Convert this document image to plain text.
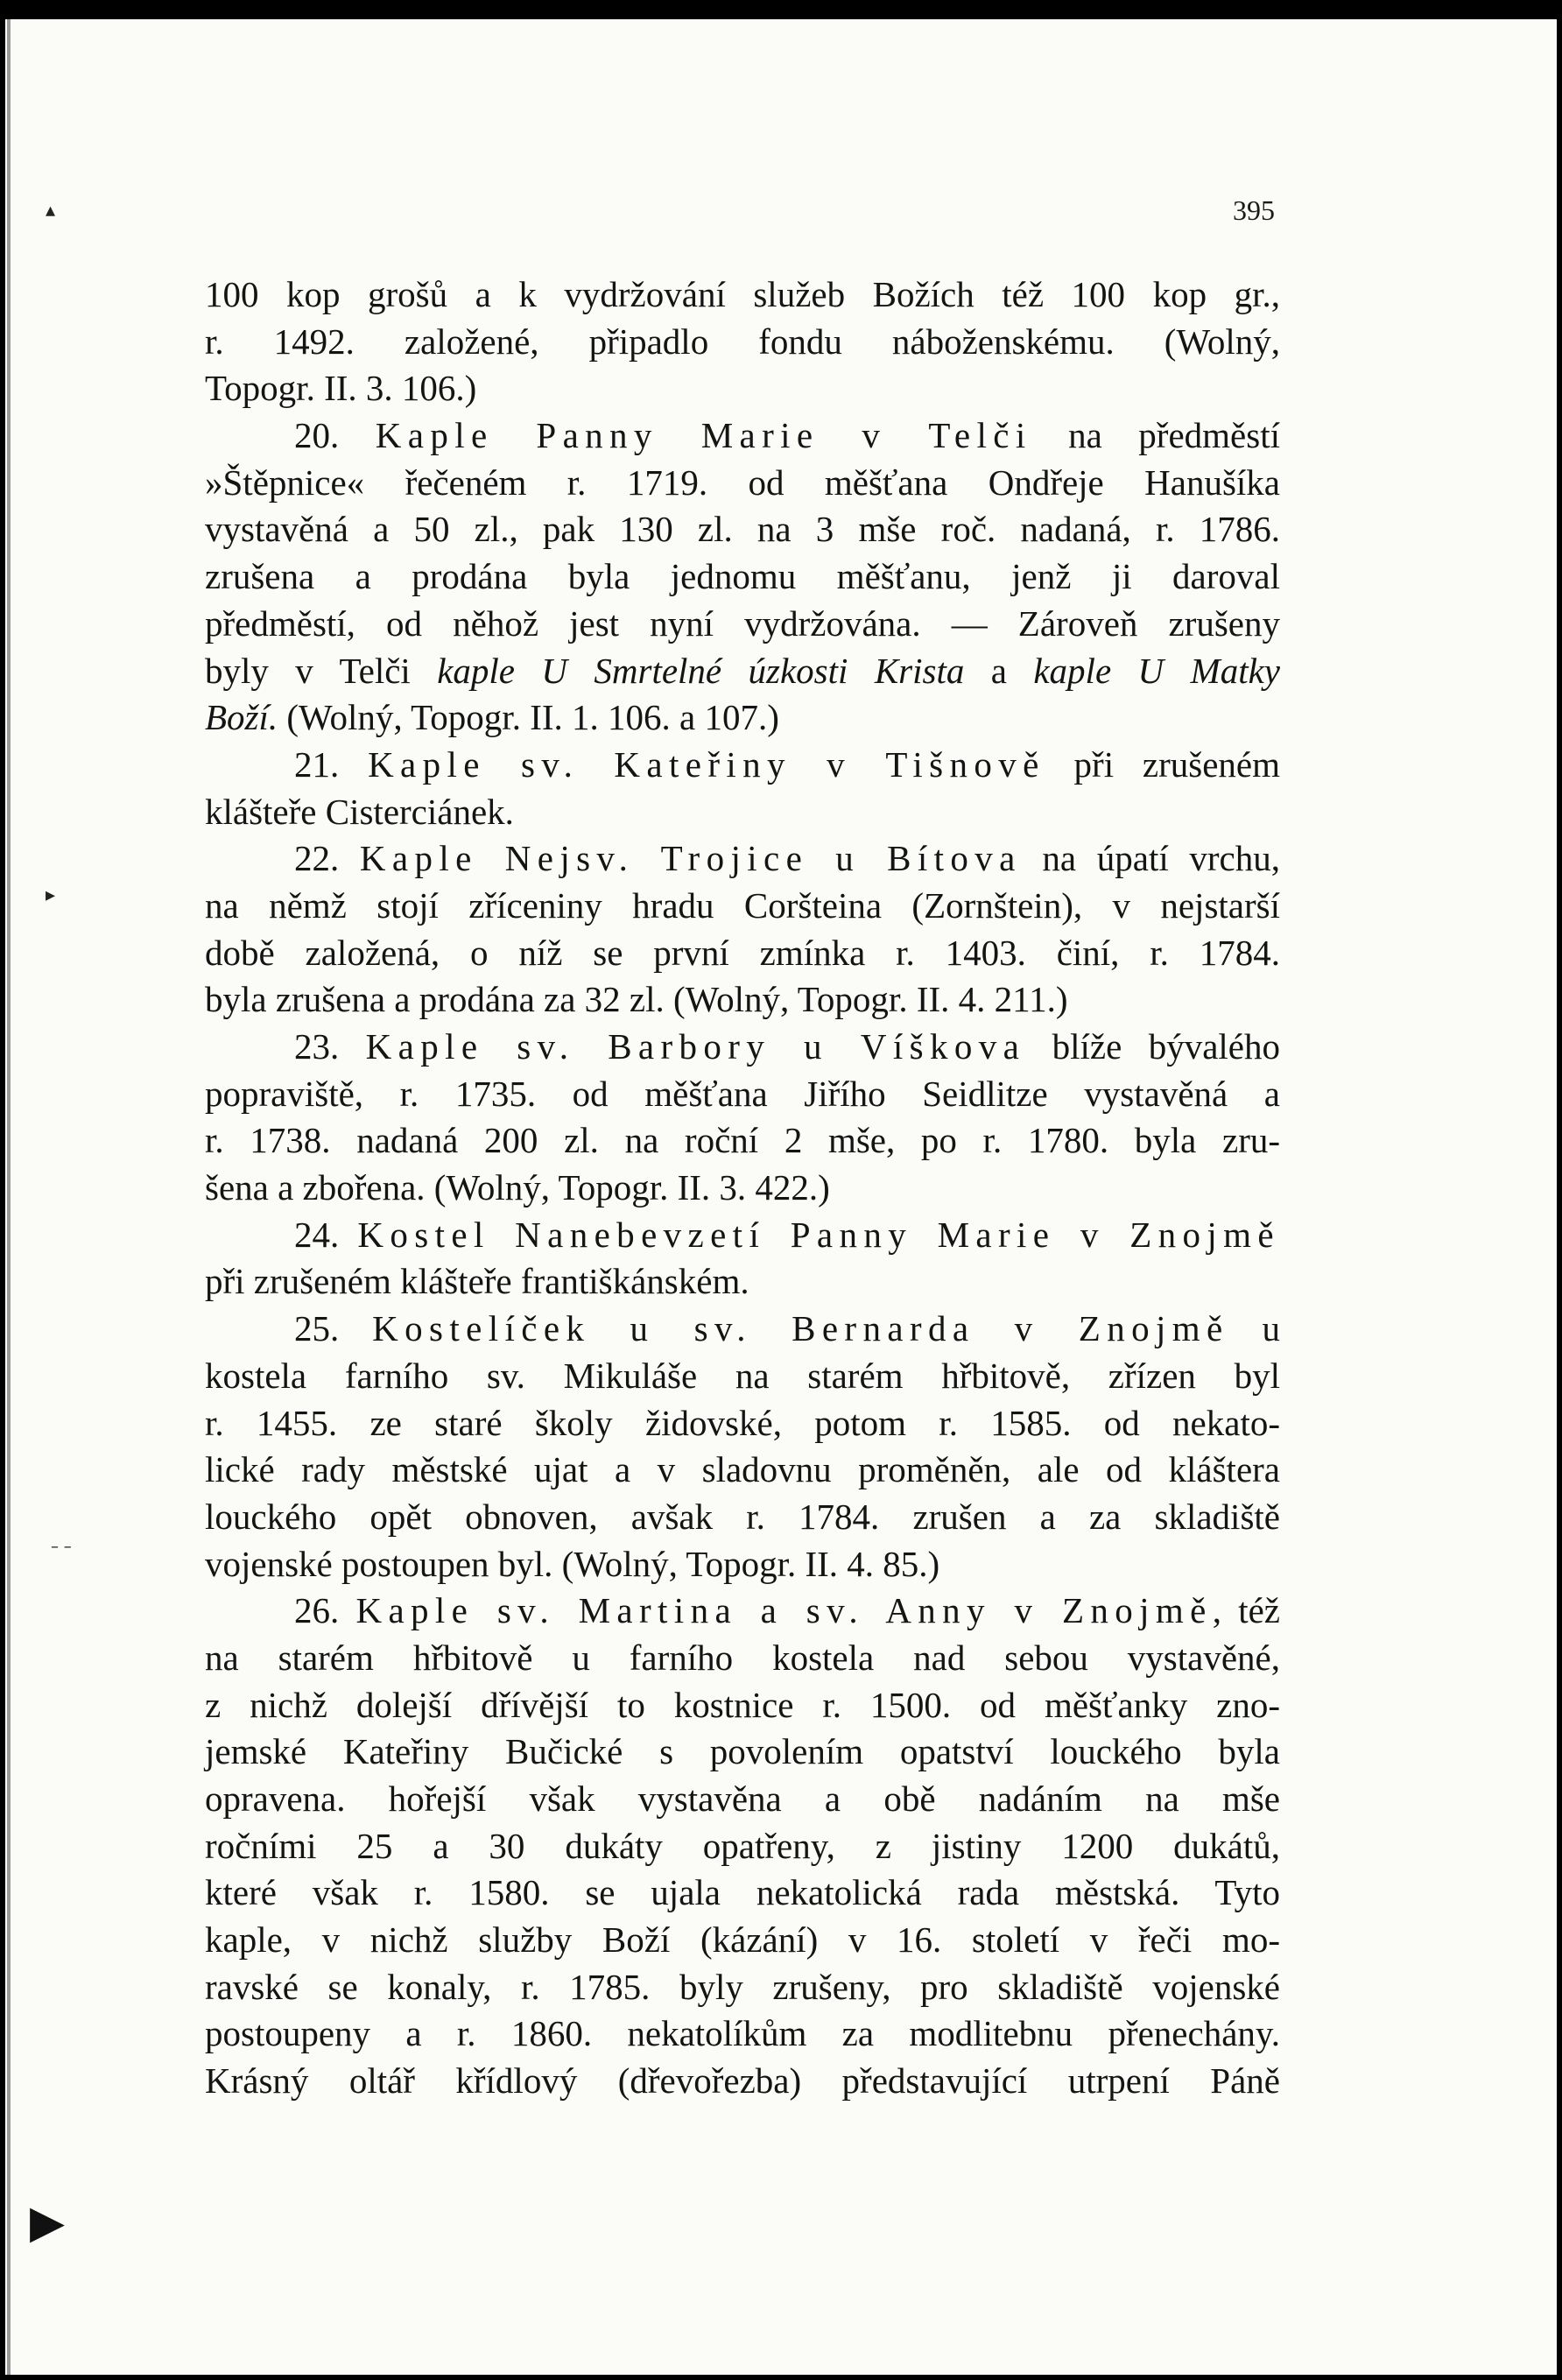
395
100 kop grošů a k vydržování služeb Božích též 100 kop gr.,
r. 1492. založené, připadlo fondu náboženskému. (Wolný,
Topogr. II. 3. 106.)
20. Kaple Panny Marie v Telči na předměstí
»Štěpnice« řečeném r. 1719. od měšťana Ondřeje Hanušíka
vystavěná a 50 zl., pak 130 zl. na 3 mše roč. nadaná, r. 1786.
zrušena a prodána byla jednomu měšťanu, jenž ji daroval
předměstí, od něhož jest nyní vydržována. — Zároveň zrušeny
byly v Telči kaple U Smrtelné úzkosti Krista a kaple U Matky
Boží. (Wolný, Topogr. II. 1. 106. a 107.)
21. Kaple sv. Kateřiny v Tišnově při zrušeném
klášteře Cisterciánek.
22. Kaple Nejsv. Trojice u Bítova na úpatí vrchu,
na němž stojí zříceniny hradu Coršteina (Zornštein), v nejstarší
době založená, o níž se první zmínka r. 1403. činí, r. 1784.
byla zrušena a prodána za 32 zl. (Wolný, Topogr. II. 4. 211.)
23. Kaple sv. Barbory u Víškova blíže bývalého
popraviště, r. 1735. od měšťana Jiřího Seidlitze vystavěná a
r. 1738. nadaná 200 zl. na roční 2 mše, po r. 1780. byla zru-
šena a zbořena. (Wolný, Topogr. II. 3. 422.)
24. Kostel Nanebevzetí Panny Marie v Znojmě
při zrušeném klášteře františkánském.
25. Kostelíček u sv. Bernarda v Znojmě u
kostela farního sv. Mikuláše na starém hřbitově, zřízen byl
r. 1455. ze staré školy židovské, potom r. 1585. od nekato-
lické rady městské ujat a v sladovnu proměněn, ale od kláštera
louckého opět obnoven, avšak r. 1784. zrušen a za skladiště
vojenské postoupen byl. (Wolný, Topogr. II. 4. 85.)
26. Kaple sv. Martina a sv. Anny v Znojmě, též
na starém hřbitově u farního kostela nad sebou vystavěné,
z nichž dolejší dřívější to kostnice r. 1500. od měšťanky zno-
jemské Kateřiny Bučické s povolením opatství louckého byla
opravena. hořejší však vystavěna a obě nadáním na mše
ročními 25 a 30 dukáty opatřeny, z jistiny 1200 dukátů,
které však r. 1580. se ujala nekatolická rada městská. Tyto
kaple, v nichž služby Boží (kázání) v 16. století v řeči mo-
ravské se konaly, r. 1785. byly zrušeny, pro skladiště vojenské
postoupeny a r. 1860. nekatolíkům za modlitebnu přenechány.
Krásný oltář křídlový (dřevořezba) představující utrpení Páně
▴
▸
– –
▶
